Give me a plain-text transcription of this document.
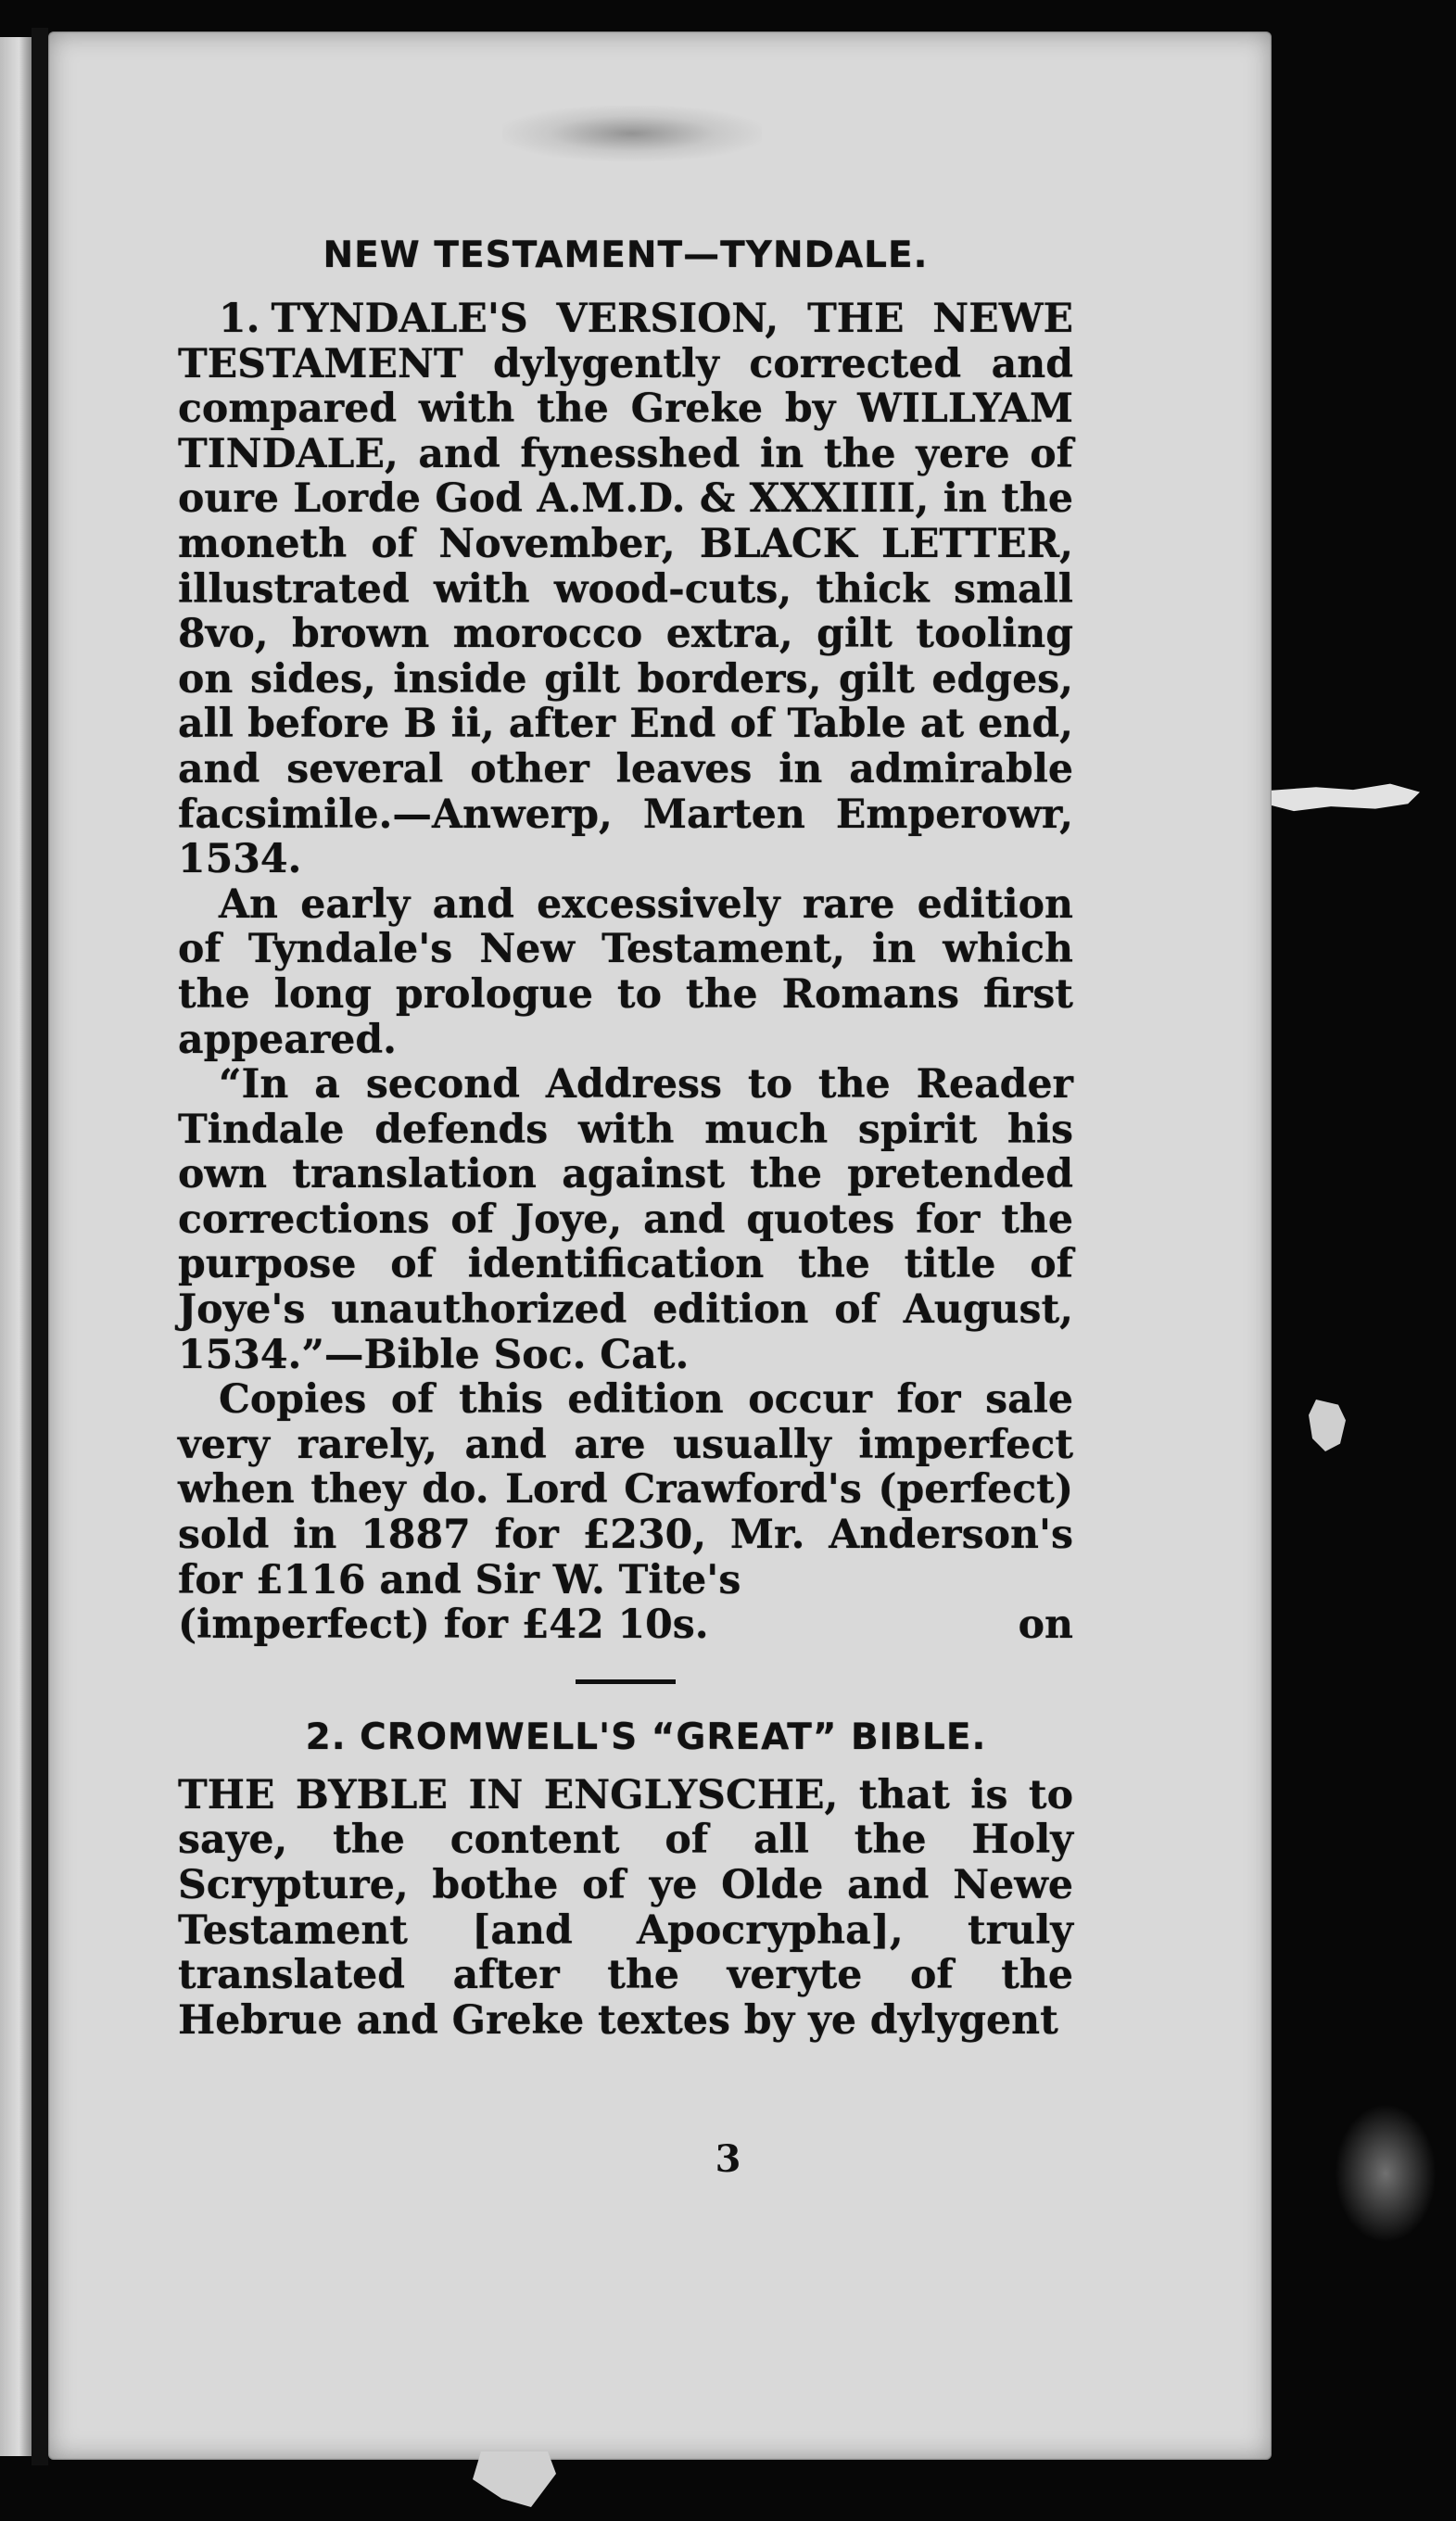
NEW TESTAMENT—TYNDALE.

1. TYNDALE'S VERSION, THE NEWE TESTAMENT dylygently corrected and compared with the Greke by WILLYAM TINDALE, and fynesshed in the yere of oure Lorde God A.M.D. & XXXIIII, in the moneth of November, BLACK LETTER, illustrated with wood-cuts, thick small 8vo, brown morocco extra, gilt tooling on sides, inside gilt borders, gilt edges, all before B ii, after End of Table at end, and several other leaves in admirable facsimile.—Anwerp, Marten Emperowr, 1534.

An early and excessively rare edition of Tyndale's New Testament, in which the long prologue to the Romans first appeared.

“In a second Address to the Reader Tindale defends with much spirit his own translation against the pretended corrections of Joye, and quotes for the purpose of identification the title of Joye's unauthorized edition of August, 1534.”—Bible Soc. Cat.

Copies of this edition occur for sale very rarely, and are usually imperfect when they do. Lord Crawford's (perfect) sold in 1887 for £230, Mr. Anderson's for £116 and Sir W. Tite's

(imperfect) for £42 10s.	on
2. CROMWELL'S “GREAT” BIBLE.

THE BYBLE IN ENGLYSCHE, that is to saye, the content of all the Holy Scrypture, bothe of ye Olde and Newe Testament [and Apocrypha], truly translated after the veryte of the Hebrue and Greke textes by ye dylygent

3
